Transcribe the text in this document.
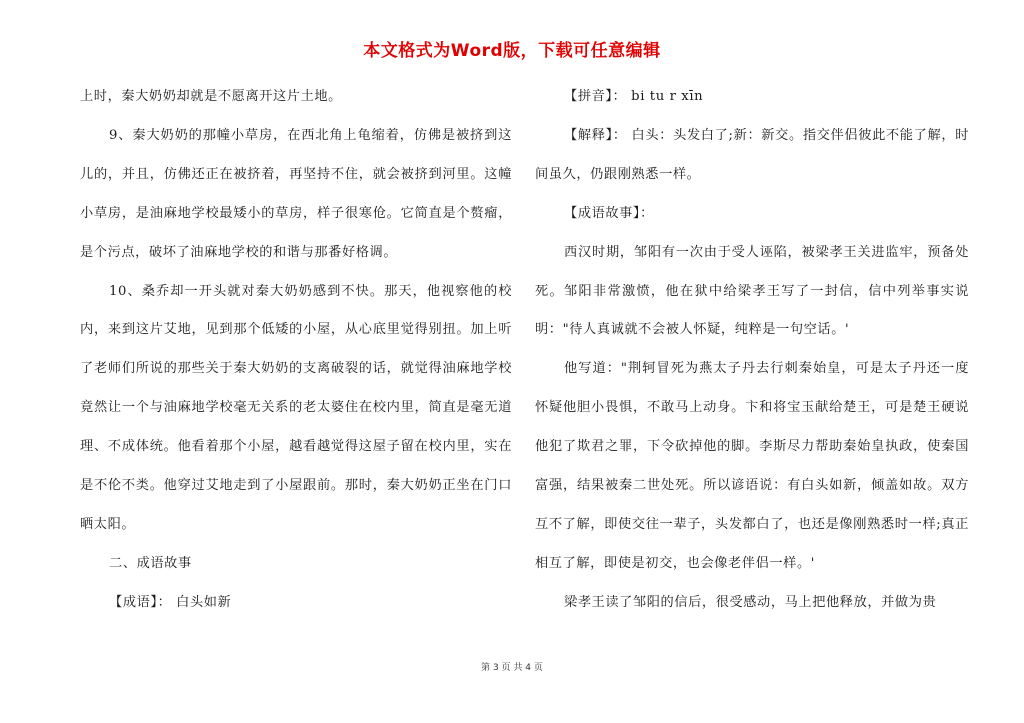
本文格式为Word版，下载可任意编辑

上时，秦大奶奶却就是不愿离开这片土地。

9、秦大奶奶的那幢小草房，在西北角上龟缩着，仿佛是被挤到这儿的，并且，仿佛还正在被挤着，再坚持不住，就会被挤到河里。这幢小草房，是油麻地学校最矮小的草房，样子很寒伧。它简直是个赘瘤，是个污点，破坏了油麻地学校的和谐与那番好格调。

10、桑乔却一开头就对秦大奶奶感到不快。那天，他视察他的校内，来到这片艾地，见到那个低矮的小屋，从心底里觉得别扭。加上听了老师们所说的那些关于秦大奶奶的支离破裂的话，就觉得油麻地学校竟然让一个与油麻地学校毫无关系的老太婆住在校内里，简直是毫无道理、不成体统。他看着那个小屋，越看越觉得这屋子留在校内里，实在是不伦不类。他穿过艾地走到了小屋跟前。那时，秦大奶奶正坐在门口晒太阳。

二、成语故事

【成语】： 白头如新

【拼音】： bi tu r xīn

【解释】： 白头：头发白了;新：新交。指交伴侣彼此不能了解，时间虽久，仍跟刚熟悉一样。

【成语故事】：

西汉时期，邹阳有一次由于受人诬陷，被梁孝王关进监牢，预备处死。邹阳非常激愤，他在狱中给梁孝王写了一封信，信中列举事实说明："待人真诚就不会被人怀疑，纯粹是一句空话。'

他写道："荆轲冒死为燕太子丹去行刺秦始皇，可是太子丹还一度怀疑他胆小畏惧，不敢马上动身。卞和将宝玉献给楚王，可是楚王硬说他犯了欺君之罪，下令砍掉他的脚。李斯尽力帮助秦始皇执政，使秦国富强，结果被秦二世处死。所以谚语说：有白头如新，倾盖如故。双方互不了解，即使交往一辈子，头发都白了，也还是像刚熟悉时一样;真正相互了解，即使是初交，也会像老伴侣一样。'

梁孝王读了邹阳的信后，很受感动，马上把他释放，并做为贵

第 3 页 共 4 页
